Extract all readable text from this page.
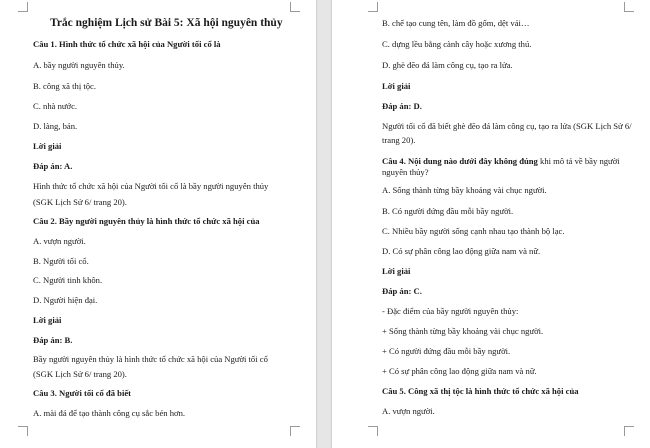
Trắc nghiệm Lịch sử Bài 5: Xã hội nguyên thủy
Câu 1. Hình thức tổ chức xã hội của Người tối cổ là
A. bầy người nguyên thủy.
B. công xã thị tộc.
C. nhà nước.
D. làng, bản.
Lời giải
Đáp án: A.
Hình thức tổ chức xã hội của Người tối cổ là bầy người nguyên thủy
(SGK Lịch Sử 6/ trang 20).
Câu 2. Bầy người nguyên thủy là hình thức tổ chức xã hội của
A. vượn người.
B. Người tối cổ.
C. Người tinh khôn.
D. Người hiện đại.
Lời giải
Đáp án: B.
Bầy người nguyên thủy là hình thức tổ chức xã hội của Người tối cổ
(SGK Lịch Sử 6/ trang 20).
Câu 3. Người tối cổ đã biết
A. mài đá để tạo thành công cụ sắc bén hơn.
B. chế tạo cung tên, làm đồ gốm, dệt vải…
C. dựng lều bằng cành cây hoặc xương thú.
D. ghè đẽo đá làm công cụ, tạo ra lửa.
Lời giải
Đáp án: D.
Người tối cổ đã biết ghè đẽo đá làm công cụ, tạo ra lửa (SGK Lịch Sử 6/
trang 20).
Câu 4. Nội dung nào dưới đây không đúng khi mô tả về bầy người
nguyên thủy?
A. Sống thành từng bầy khoảng vài chục người.
B. Có người đứng đầu mỗi bầy người.
C. Nhiều bầy người sống cạnh nhau tạo thành bộ lạc.
D. Có sự phân công lao động giữa nam và nữ.
Lời giải
Đáp án: C.
- Đặc điểm của bầy người nguyên thủy:
+ Sống thành từng bầy khoảng vài chục người.
+ Có người đứng đầu mỗi bầy người.
+ Có sự phân công lao động giữa nam và nữ.
Câu 5. Công xã thị tộc là hình thức tổ chức xã hội của
A. vượn người.
